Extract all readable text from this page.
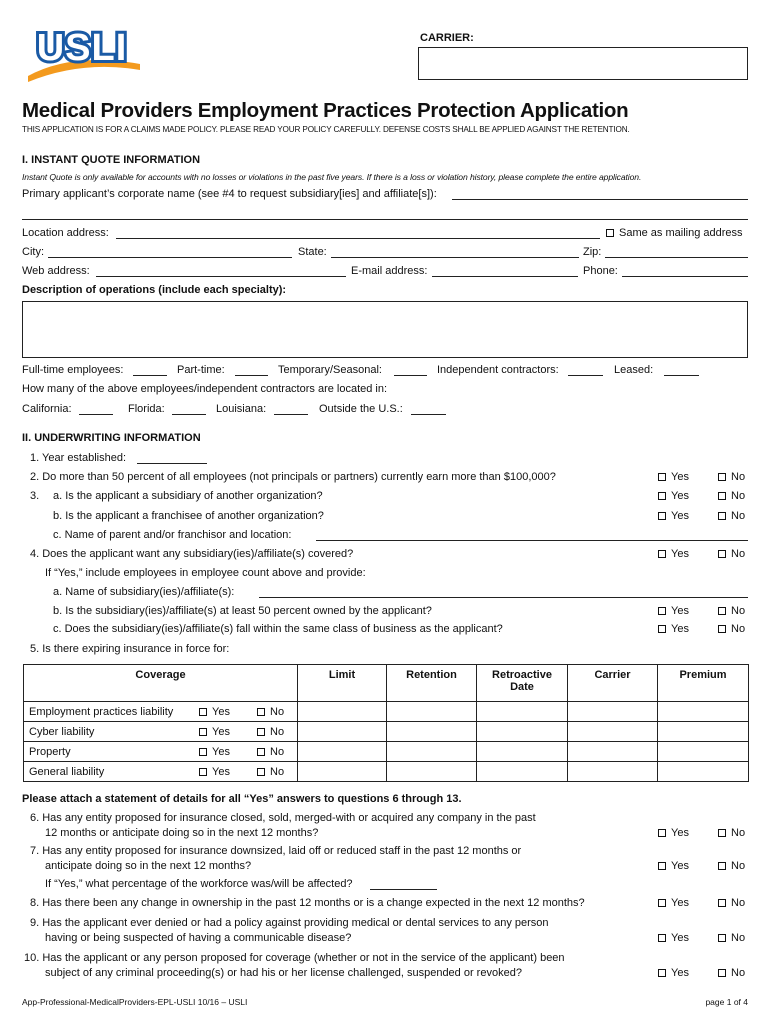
USLI	CARRIER:
Medical Providers Employment Practices Protection Application
THIS APPLICATION IS FOR A CLAIMS MADE POLICY. PLEASE READ YOUR POLICY CAREFULLY. DEFENSE COSTS SHALL BE APPLIED AGAINST THE RETENTION.
I. INSTANT QUOTE INFORMATION
Instant Quote is only available for accounts with no losses or violations in the past five years. If there is a loss or violation history, please complete the entire application.
Primary applicant’s corporate name (see #4 to request subsidiary[ies] and affiliate[s]):
Location address:	Same as mailing address
City:	State:	Zip:
Web address:	E-mail address:	Phone:
Description of operations (include each specialty):
Full-time employees:	Part-time:	Temporary/Seasonal:	Independent contractors:	Leased:
How many of the above employees/independent contractors are located in:
California:	Florida:	Louisiana:	Outside the U.S.:
II. UNDERWRITING INFORMATION
1. Year established:
2. Do more than 50 percent of all employees (not principals or partners) currently earn more than $100,000?	Yes	No
3. a. Is the applicant a subsidiary of another organization?	Yes	No
b. Is the applicant a franchisee of another organization?	Yes	No
c. Name of parent and/or franchisor and location:
4. Does the applicant want any subsidiary(ies)/affiliate(s) covered?	Yes	No
If “Yes,” include employees in employee count above and provide:
a. Name of subsidiary(ies)/affiliate(s):
b. Is the subsidiary(ies)/affiliate(s) at least 50 percent owned by the applicant?	Yes	No
c. Does the subsidiary(ies)/affiliate(s) fall within the same class of business as the applicant?	Yes	No
5. Is there expiring insurance in force for:
Coverage	Limit	Retention	Retroactive Date	Carrier	Premium
Employment practices liability Yes No					
Cyber liability Yes No					
Property Yes No					
General liability Yes No					
Please attach a statement of details for all “Yes” answers to questions 6 through 13.
6. Has any entity proposed for insurance closed, sold, merged-with or acquired any company in the past
12 months or anticipate doing so in the next 12 months?	Yes	No
7. Has any entity proposed for insurance downsized, laid off or reduced staff in the past 12 months or
anticipate doing so in the next 12 months?	Yes	No
If “Yes,” what percentage of the workforce was/will be affected?
8. Has there been any change in ownership in the past 12 months or is a change expected in the next 12 months?	Yes	No
9. Has the applicant ever denied or had a policy against providing medical or dental services to any person
having or being suspected of having a communicable disease?	Yes	No
10. Has the applicant or any person proposed for coverage (whether or not in the service of the applicant) been
subject of any criminal proceeding(s) or had his or her license challenged, suspended or revoked?	Yes	No
App-Professional-MedicalProviders-EPL-USLI 10/16 – USLI	page 1 of 4
